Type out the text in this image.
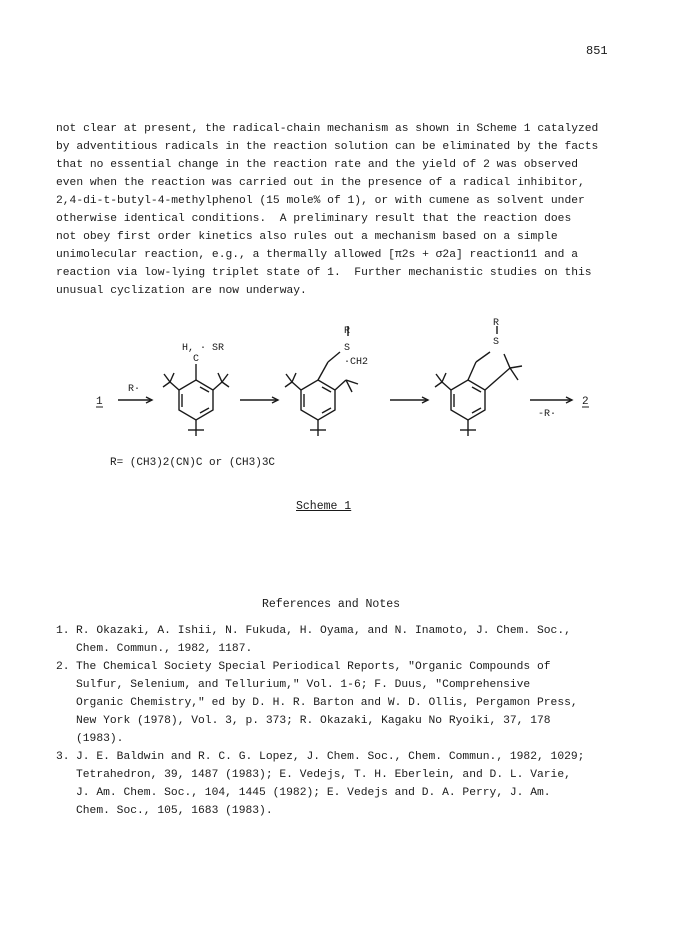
851
not clear at present, the radical-chain mechanism as shown in Scheme 1 catalyzed
by adventitious radicals in the reaction solution can be eliminated by the facts
that no essential change in the reaction rate and the yield of 2 was observed
even when the reaction was carried out in the presence of a radical inhibitor,
2,4-di-t-butyl-4-methylphenol (15 mole% of 1), or with cumene as solvent under
otherwise identical conditions.  A preliminary result that the reaction does
not obey first order kinetics also rules out a mechanism based on a simple
unimolecular reaction, e.g., a thermally allowed [π2s + σ2a] reaction11 and a
reaction via low-lying triplet state of 1.  Further mechanistic studies on this
unusual cyclization are now underway.
1
R·
H, · SR
C
R
S
·CH2
R
S
-R·
2
R= (CH3)2(CN)C or (CH3)3C
Scheme 1
References and Notes
1. R. Okazaki, A. Ishii, N. Fukuda, H. Oyama, and N. Inamoto, J. Chem. Soc.,
Chem. Commun., 1982, 1187.
2. The Chemical Society Special Periodical Reports, "Organic Compounds of
Sulfur, Selenium, and Tellurium," Vol. 1-6; F. Duus, "Comprehensive
Organic Chemistry," ed by D. H. R. Barton and W. D. Ollis, Pergamon Press,
New York (1978), Vol. 3, p. 373; R. Okazaki, Kagaku No Ryoiki, 37, 178
(1983).
3. J. E. Baldwin and R. C. G. Lopez, J. Chem. Soc., Chem. Commun., 1982, 1029;
Tetrahedron, 39, 1487 (1983); E. Vedejs, T. H. Eberlein, and D. L. Varie,
J. Am. Chem. Soc., 104, 1445 (1982); E. Vedejs and D. A. Perry, J. Am.
Chem. Soc., 105, 1683 (1983).
